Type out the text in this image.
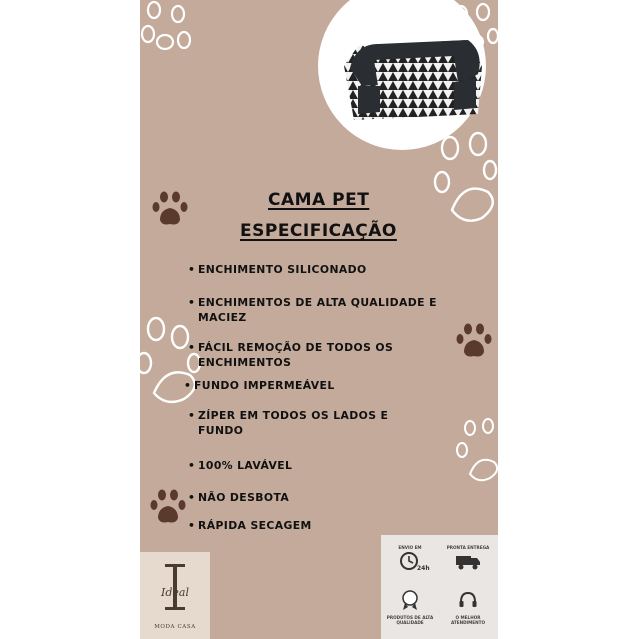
CAMA PET
ESPECIFICAÇÃO
• ENCHIMENTO SILICONADO
• ENCHIMENTOS DE ALTA QUALIDADE E MACIEZ
• FÁCIL REMOÇÃO DE TODOS OS ENCHIMENTOS
• FUNDO IMPERMEÁVEL
• ZÍPER EM TODOS OS LADOS E FUNDO
• 100% LAVÁVEL
• NÃO DESBOTA
• RÁPIDA SECAGEM
Ideal
MODA CASA
ENVIO EM
24h
PRONTA ENTREGA
PRODUTOS DE ALTA QUALIDADE
O MELHOR ATENDIMENTO
